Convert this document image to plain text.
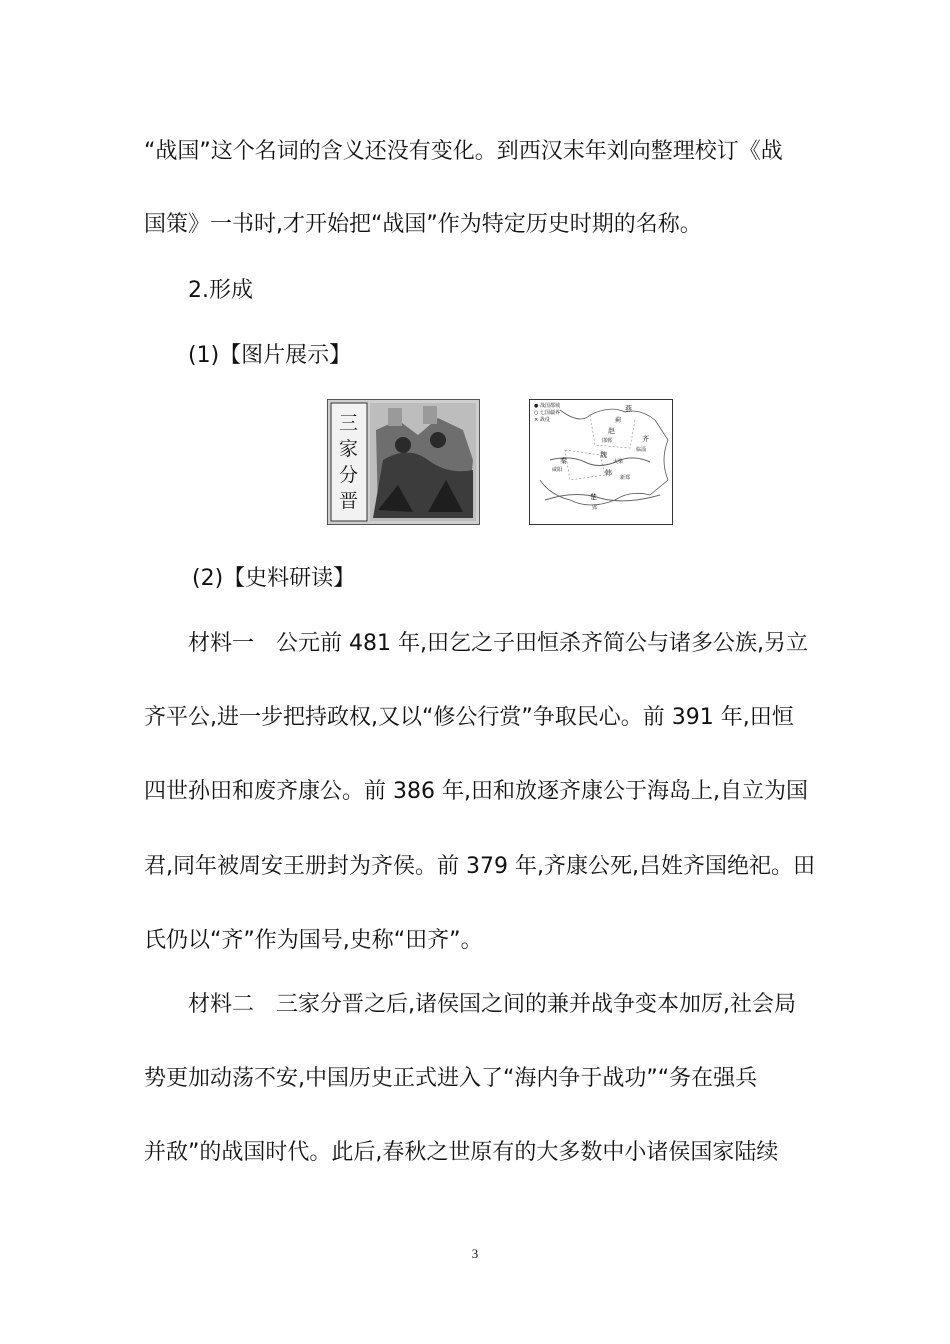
“战国”这个名词的含义还没有变化。到西汉末年刘向整理校订《战
国策》一书时,才开始把“战国”作为特定历史时期的名称。
2.形成
(1)【图片展示】
三家分晋
● 战国都城
○ 七国疆界
× 战役
燕
蓟
赵
邯郸
魏
大梁
韩
齐
秦
咸阳
楚
郢
临淄
新郑
(2)【史料研读】
材料一　公元前 481 年,田乞之子田恒杀齐简公与诸多公族,另立
齐平公,进一步把持政权,又以“修公行赏”争取民心。前 391 年,田恒
四世孙田和废齐康公。前 386 年,田和放逐齐康公于海岛上,自立为国
君,同年被周安王册封为齐侯。前 379 年,齐康公死,吕姓齐国绝祀。田
氏仍以“齐”作为国号,史称“田齐”。
材料二　三家分晋之后,诸侯国之间的兼并战争变本加厉,社会局
势更加动荡不安,中国历史正式进入了“海内争于战功”“务在强兵
并敌”的战国时代。此后,春秋之世原有的大多数中小诸侯国家陆续
3
